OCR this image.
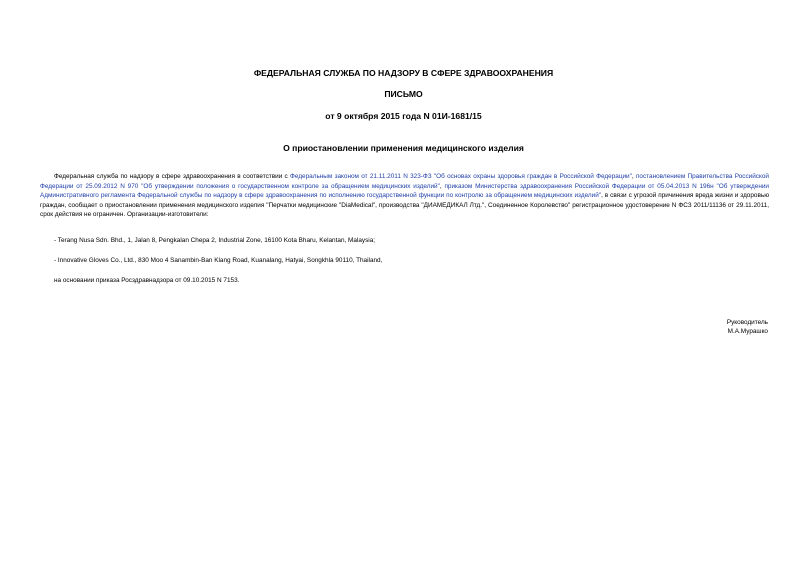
ФЕДЕРАЛЬНАЯ СЛУЖБА ПО НАДЗОРУ В СФЕРЕ ЗДРАВООХРАНЕНИЯ
ПИСЬМО
от 9 октября 2015 года N 01И-1681/15
О приостановлении применения медицинского изделия
Федеральная служба по надзору в сфере здравоохранения в соответствии с Федеральным законом от 21.11.2011 N 323-ФЗ "Об основах охраны здоровья граждан в Российской Федерации", постановлением Правительства Российской Федерации от 25.09.2012 N 970 "Об утверждении положения о государственном контроле за обращением медицинских изделий", приказом Министерства здравоохранения Российской Федерации от 05.04.2013 N 196н "Об утверждении Административного регламента Федеральной службы по надзору в сфере здравоохранения по исполнению государственной функции по контролю за обращением медицинских изделий", в связи с угрозой причинения вреда жизни и здоровью граждан, сообщает о приостановлении применения медицинского изделия "Перчатки медицинские "DiaMedical", производства "ДИАМЕДИКАЛ Лтд.", Соединенное Королевство" регистрационное удостоверение N ФСЗ 2011/11136 от 29.11.2011, срок действия не ограничен. Организации-изготовители:
- Terang Nusa Sdn. Bhd., 1, Jalan 8, Pengkalan Chepa 2, Industrial Zone, 16100 Kota Bharu, Kelantan, Malaysia;
- Innovative Gloves Co., Ltd., 830 Moo 4 Sanambin-Ban Klang Road, Kuanalang, Hatyai, Songkhla 90110, Thailand,
на основании приказа Росздравнадзора от 09.10.2015 N 7153.
Руководитель
М.А.Мурашко
